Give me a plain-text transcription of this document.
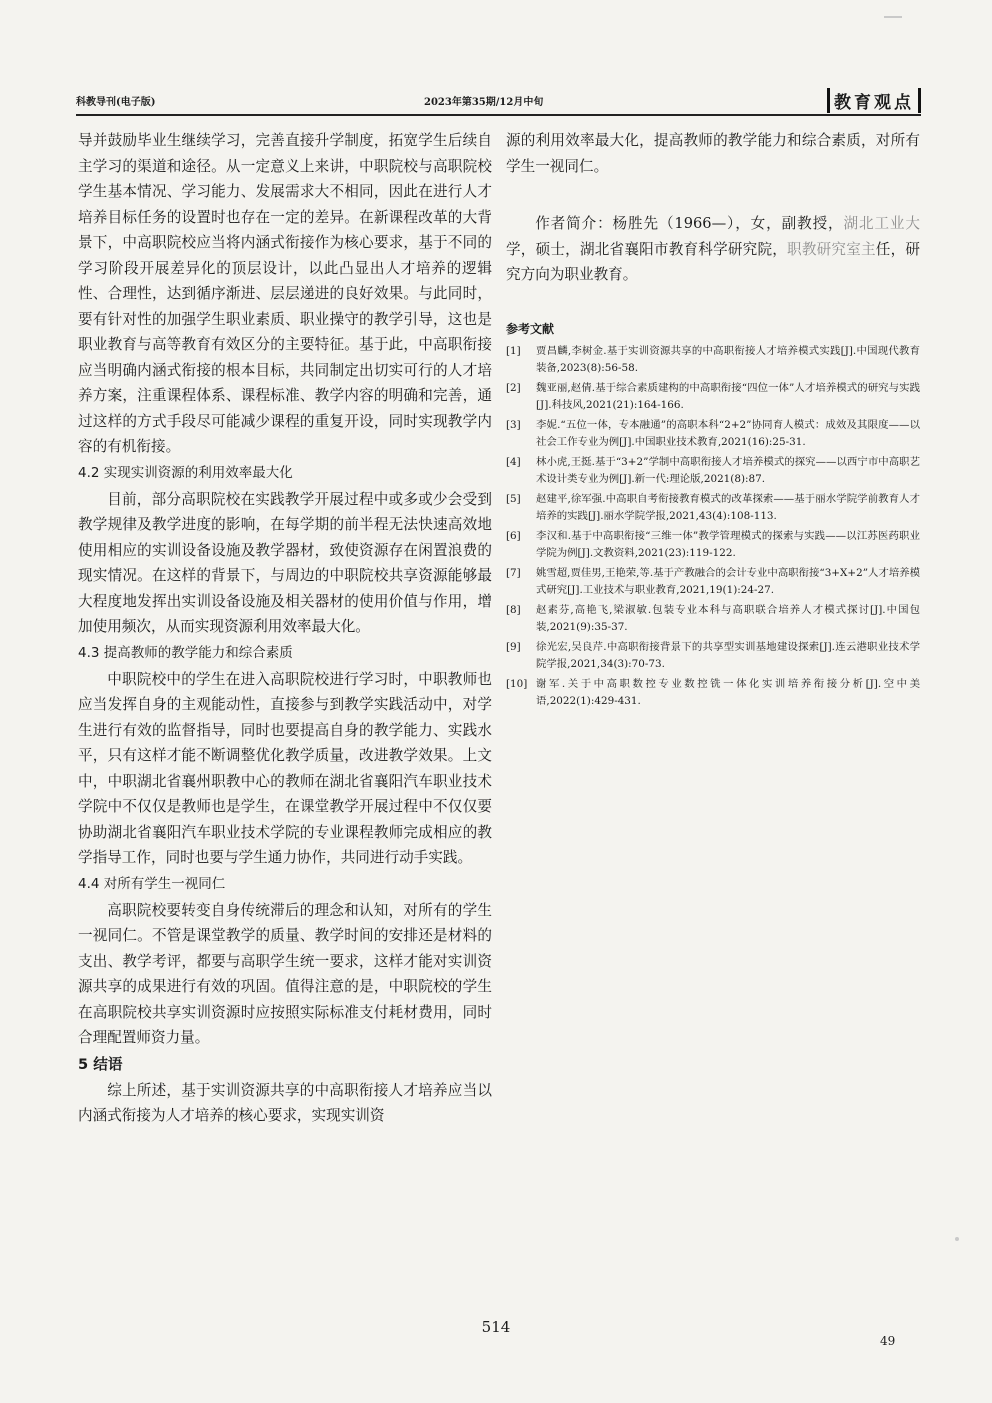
科教导刊(电子版)	2023年第35期/12月中旬	教育观点

导并鼓励毕业生继续学习，完善直接升学制度，拓宽学生后续自主学习的渠道和途径。从一定意义上来讲，中职院校与高职院校学生基本情况、学习能力、发展需求大不相同，因此在进行人才培养目标任务的设置时也存在一定的差异。在新课程改革的大背景下，中高职院校应当将内涵式衔接作为核心要求，基于不同的学习阶段开展差异化的顶层设计，以此凸显出人才培养的逻辑性、合理性，达到循序渐进、层层递进的良好效果。与此同时，要有针对性的加强学生职业素质、职业操守的教学引导，这也是职业教育与高等教育有效区分的主要特征。基于此，中高职衔接应当明确内涵式衔接的根本目标，共同制定出切实可行的人才培养方案，注重课程体系、课程标准、教学内容的明确和完善，通过这样的方式手段尽可能减少课程的重复开设，同时实现教学内容的有机衔接。

4.2 实现实训资源的利用效率最大化

目前，部分高职院校在实践教学开展过程中或多或少会受到教学规律及教学进度的影响，在每学期的前半程无法快速高效地使用相应的实训设备设施及教学器材，致使资源存在闲置浪费的现实情况。在这样的背景下，与周边的中职院校共享资源能够最大程度地发挥出实训设备设施及相关器材的使用价值与作用，增加使用频次，从而实现资源利用效率最大化。

4.3 提高教师的教学能力和综合素质

中职院校中的学生在进入高职院校进行学习时，中职教师也应当发挥自身的主观能动性，直接参与到教学实践活动中，对学生进行有效的监督指导，同时也要提高自身的教学能力、实践水平，只有这样才能不断调整优化教学质量，改进教学效果。上文中，中职湖北省襄州职教中心的教师在湖北省襄阳汽车职业技术学院中不仅仅是教师也是学生，在课堂教学开展过程中不仅仅要协助湖北省襄阳汽车职业技术学院的专业课程教师完成相应的教学指导工作，同时也要与学生通力协作，共同进行动手实践。

4.4 对所有学生一视同仁

高职院校要转变自身传统滞后的理念和认知，对所有的学生一视同仁。不管是课堂教学的质量、教学时间的安排还是材料的支出、教学考评，都要与高职学生统一要求，这样才能对实训资源共享的成果进行有效的巩固。值得注意的是，中职院校的学生在高职院校共享实训资源时应按照实际标准支付耗材费用，同时合理配置师资力量。

5 结语

综上所述，基于实训资源共享的中高职衔接人才培养应当以内涵式衔接为人才培养的核心要求，实现实训资

源的利用效率最大化，提高教师的教学能力和综合素质，对所有学生一视同仁。

作者简介：杨胜先（1966—），女，副教授，湖北工业大学，硕士，湖北省襄阳市教育科学研究院，职教研究室主任，研究方向为职业教育。

参考文献
[1]	贾昌麟,李树金.基于实训资源共享的中高职衔接人才培养模式实践[J].中国现代教育装备,2023(8):56-58.
[2]	魏亚丽,赵倩.基于综合素质建构的中高职衔接“四位一体”人才培养模式的研究与实践[J].科技风,2021(21):164-166.
[3]	李妮.“五位一体，专本融通”的高职本科“2+2”协同育人模式：成效及其限度——以社会工作专业为例[J].中国职业技术教育,2021(16):25-31.
[4]	林小虎,王挺.基于“3+2”学制中高职衔接人才培养模式的探究——以西宁市中高职艺术设计类专业为例[J].新一代:理论版,2021(8):87.
[5]	赵建平,徐军强.中高职自考衔接教育模式的改革探索——基于丽水学院学前教育人才培养的实践[J].丽水学院学报,2021,43(4):108-113.
[6]	李汉和.基于中高职衔接“三维一体”教学管理模式的探索与实践——以江苏医药职业学院为例[J].文教资料,2021(23):119-122.
[7]	姚雪超,贾佳男,王艳荣,等.基于产教融合的会计专业中高职衔接“3+X+2”人才培养模式研究[J].工业技术与职业教育,2021,19(1):24-27.
[8]	赵素芬,高艳飞,梁淑敏.包装专业本科与高职联合培养人才模式探讨[J].中国包装,2021(9):35-37.
[9]	徐光宏,吴良芹.中高职衔接背景下的共享型实训基地建设探索[J].连云港职业技术学院学报,2021,34(3):70-73.
[10] 谢军.关于中高职数控专业数控铣一体化实训培养衔接分析[J].空中美语,2022(1):429-431.
514
49
